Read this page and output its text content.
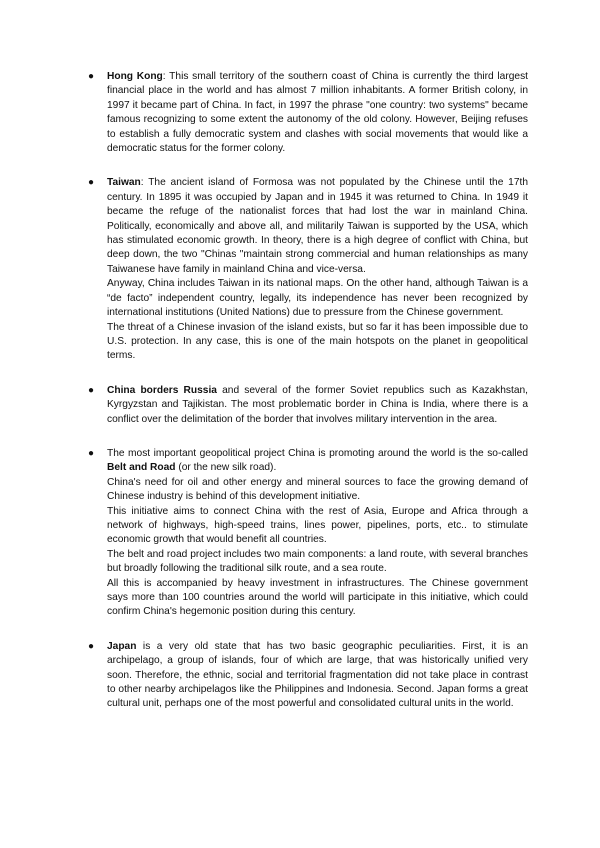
● Hong Kong: This small territory of the southern coast of China is currently the third largest financial place in the world and has almost 7 million inhabitants. A former British colony, in 1997 it became part of China. In fact, in 1997 the phrase "one country: two systems" became famous recognizing to some extent the autonomy of the old colony. However, Beijing refuses to establish a fully democratic system and clashes with social movements that would like a democratic status for the former colony.

● Taiwan: The ancient island of Formosa was not populated by the Chinese until the 17th century. In 1895 it was occupied by Japan and in 1945 it was returned to China. In 1949 it became the refuge of the nationalist forces that had lost the war in mainland China. Politically, economically and above all, and militarily Taiwan is supported by the USA, which has stimulated economic growth. In theory, there is a high degree of conflict with China, but deep down, the two "Chinas "maintain strong commercial and human relationships as many Taiwanese have family in mainland China and vice-versa.

Anyway, China includes Taiwan in its national maps. On the other hand, although Taiwan is a “de facto” independent country, legally, its independence has never been recognized by international institutions (United Nations) due to pressure from the Chinese government.

The threat of a Chinese invasion of the island exists, but so far it has been impossible due to U.S. protection. In any case, this is one of the main hotspots on the planet in geopolitical terms.

● China borders Russia and several of the former Soviet republics such as Kazakhstan, Kyrgyzstan and Tajikistan. The most problematic border in China is India, where there is a conflict over the delimitation of the border that involves military intervention in the area.

● The most important geopolitical project China is promoting around the world is the so-called Belt and Road (or the new silk road).

China's need for oil and other energy and mineral sources to face the growing demand of Chinese industry is behind of this development initiative.

This initiative aims to connect China with the rest of Asia, Europe and Africa through a network of highways, high-speed trains, lines power, pipelines, ports, etc.. to stimulate economic growth that would benefit all countries.

The belt and road project includes two main components: a land route, with several branches but broadly following the traditional silk route, and a sea route.

All this is accompanied by heavy investment in infrastructures. The Chinese government says more than 100 countries around the world will participate in this initiative, which could confirm China's hegemonic position during this century.

● Japan is a very old state that has two basic geographic peculiarities. First, it is an archipelago, a group of islands, four of which are large, that was historically unified very soon. Therefore, the ethnic, social and territorial fragmentation did not take place in contrast to other nearby archipelagos like the Philippines and Indonesia. Second. Japan forms a great cultural unit, perhaps one of the most powerful and consolidated cultural units in the world.
